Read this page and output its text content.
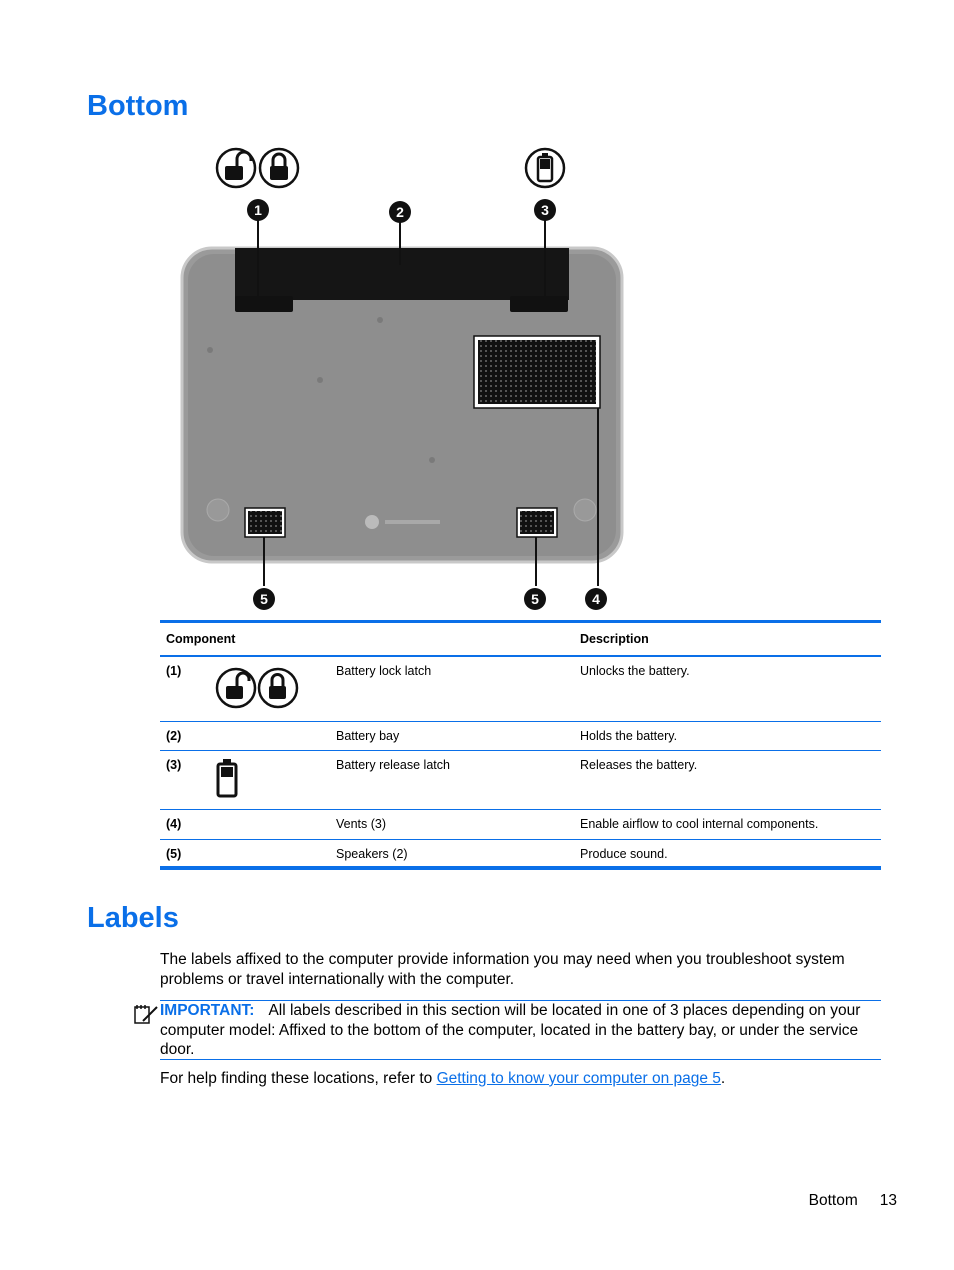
Bottom
1	2	3
4
5	5
Component			Description
(1)		Battery lock latch	Unlocks the battery.
(2)		Battery bay	Holds the battery.
(3)		Battery release latch	Releases the battery.
(4)		Vents (3)	Enable airflow to cool internal components.
(5)		Speakers (2)	Produce sound.
Labels

The labels affixed to the computer provide information you may need when you troubleshoot system problems or travel internationally with the computer.

IMPORTANT: All labels described in this section will be located in one of 3 places depending on your computer model: Affixed to the bottom of the computer, located in the battery bay, or under the service door.

For help finding these locations, refer to Getting to know your computer on page 5.

Bottom 13
